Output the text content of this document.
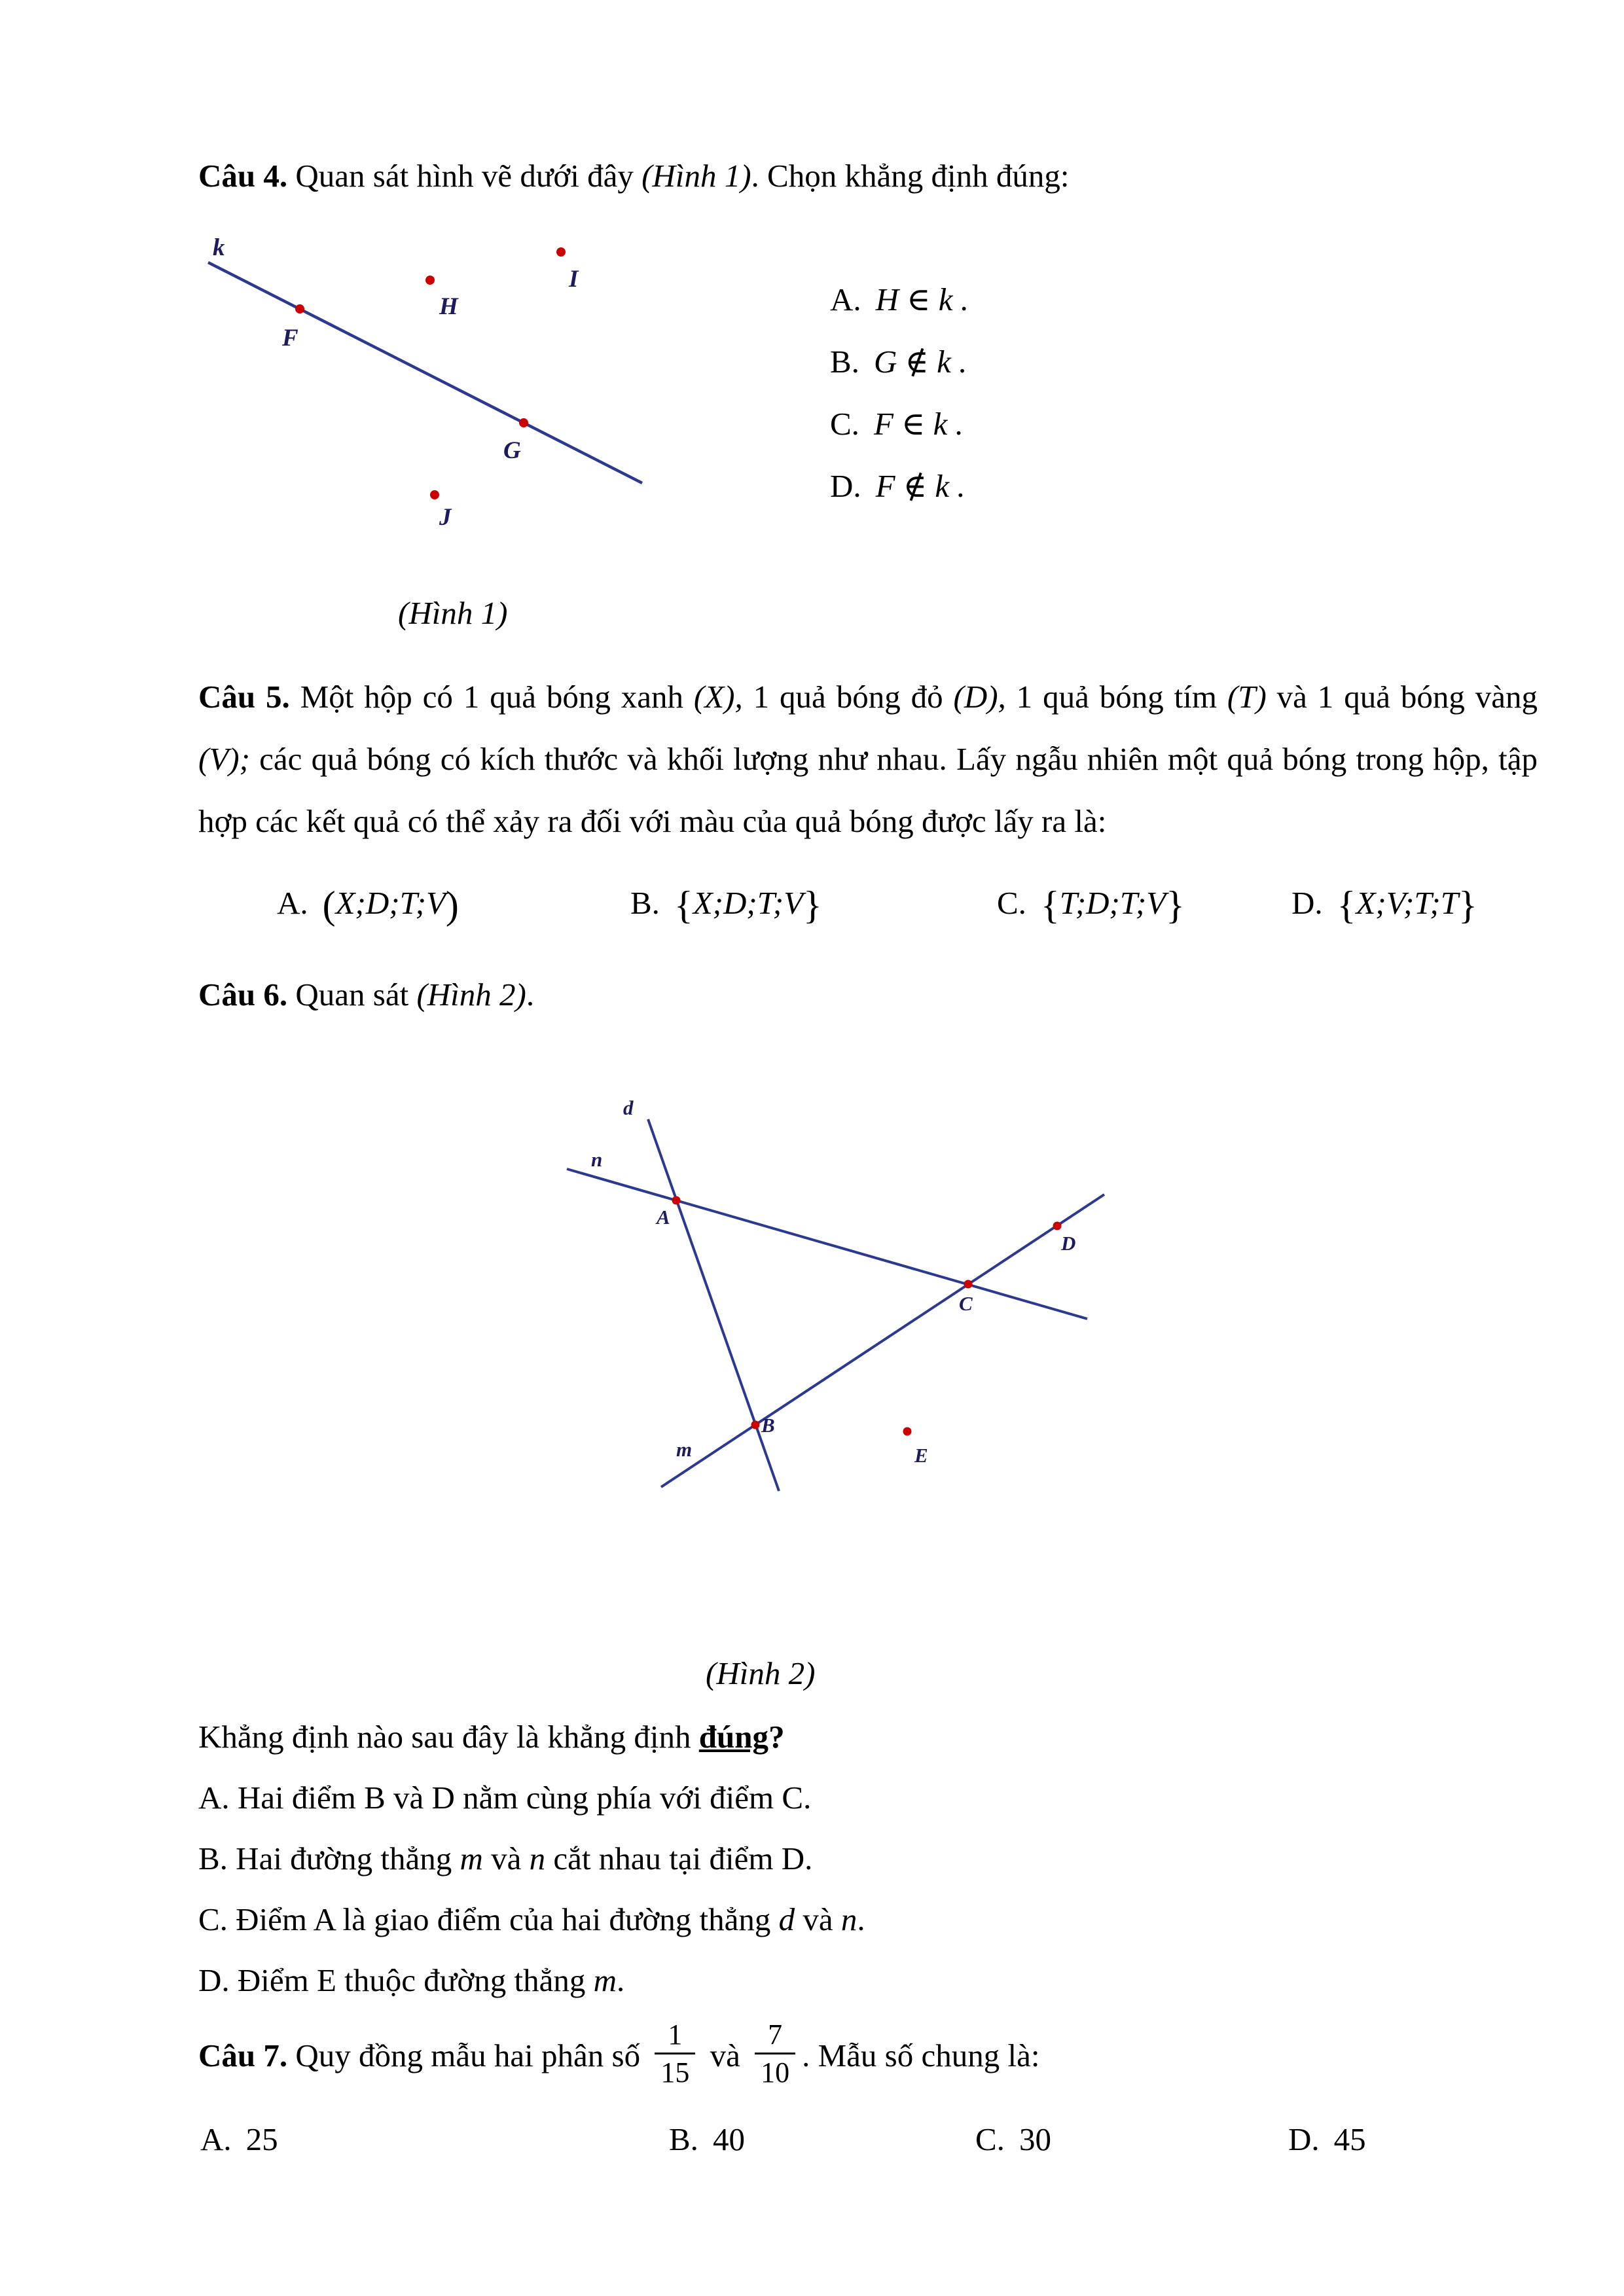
Câu 4. Quan sát hình vẽ dưới đây (Hình 1). Chọn khẳng định đúng:
k
F
H
I
G
J
A. H ∈ k .
B. G ∉ k .
C. F ∈ k .
D. F ∉ k .
(Hình 1)
Câu 5. Một hộp có 1 quả bóng xanh (X), 1 quả bóng đỏ (D), 1 quả bóng tím (T) và 1 quả bóng vàng (V); các quả bóng có kích thước và khối lượng như nhau. Lấy ngẫu nhiên một quả bóng trong hộp, tập hợp các kết quả có thể xảy ra đối với màu của quả bóng được lấy ra là:
A. (X;D;T;V)	B. {X;D;T;V}	C. {T;D;T;V}	D. {X;V;T;T}
Câu 6. Quan sát (Hình 2).
d
n
m
A
B
C
D
E
(Hình 2)
Khẳng định nào sau đây là khẳng định đúng?
A. Hai điểm B và D nằm cùng phía với điểm C.
B. Hai đường thẳng m và n cắt nhau tại điểm D.
C. Điểm A là giao điểm của hai đường thẳng d và n.
D. Điểm E thuộc đường thẳng m.
Câu 7. Quy đồng mẫu hai phân số $\frac{1}{15}$ và $\frac{7}{10}$ . Mẫu số chung là:
A. 25	B. 40	C. 30	D. 45
